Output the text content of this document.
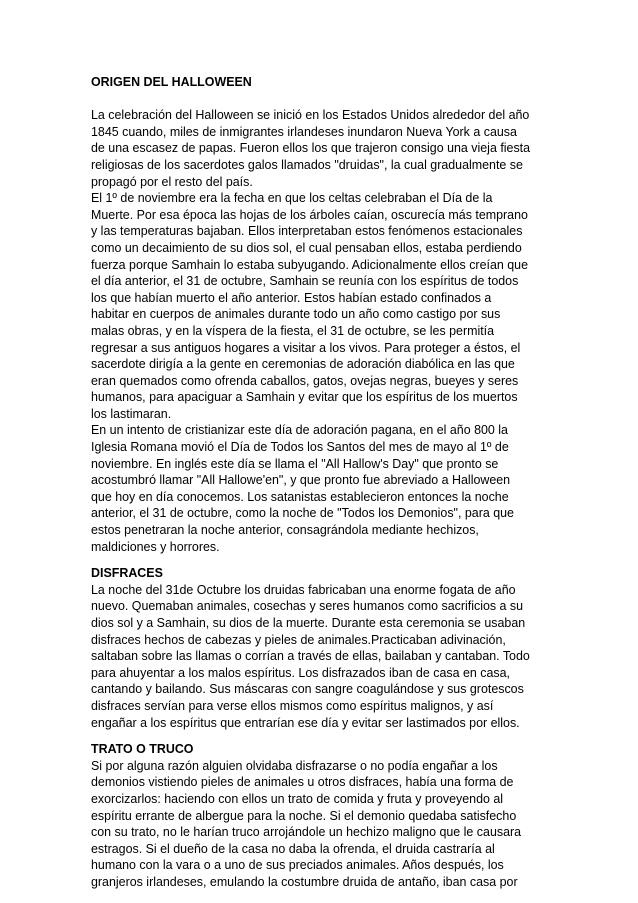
ORIGEN DEL HALLOWEEN

La celebración del Halloween se inició en los Estados Unidos alrededor del año
1845 cuando, miles de inmigrantes irlandeses inundaron Nueva York a causa
de una escasez de papas. Fueron ellos los que trajeron consigo una vieja fiesta
religiosas de los sacerdotes galos llamados "druidas", la cual gradualmente se
propagó por el resto del país.
El 1º de noviembre era la fecha en que los celtas celebraban el Día de la
Muerte. Por esa época las hojas de los árboles caían, oscurecía más temprano
y las temperaturas bajaban. Ellos interpretaban estos fenómenos estacionales
como un decaimiento de su dios sol, el cual pensaban ellos, estaba perdiendo
fuerza porque Samhain lo estaba subyugando. Adicionalmente ellos creían que
el día anterior, el 31 de octubre, Samhain se reunía con los espíritus de todos
los que habían muerto el año anterior. Estos habían estado confinados a
habitar en cuerpos de animales durante todo un año como castigo por sus
malas obras, y en la víspera de la fiesta, el 31 de octubre, se les permitía
regresar a sus antiguos hogares a visitar a los vivos. Para proteger a éstos, el
sacerdote dirigía a la gente en ceremonias de adoración diabólica en las que
eran quemados como ofrenda caballos, gatos, ovejas negras, bueyes y seres
humanos, para apaciguar a Samhain y evitar que los espíritus de los muertos
los lastimaran.
En un intento de cristianizar este día de adoración pagana, en el año 800 la
Iglesia Romana movió el Día de Todos los Santos del mes de mayo al 1º de
noviembre. En inglés este día se llama el "All Hallow's Day" que pronto se
acostumbró llamar "All Hallowe'en", y que pronto fue abreviado a Halloween
que hoy en día conocemos. Los satanistas establecieron entonces la noche
anterior, el 31 de octubre, como la noche de "Todos los Demonios", para que
estos penetraran la noche anterior, consagrándola mediante hechizos,
maldiciones y horrores.

DISFRACES

La noche del 31de Octubre los druidas fabricaban una enorme fogata de año
nuevo. Quemaban animales, cosechas y seres humanos como sacrificios a su
dios sol y a Samhain, su dios de la muerte. Durante esta ceremonia se usaban
disfraces hechos de cabezas y pieles de animales.Practicaban adivinación,
saltaban sobre las llamas o corrían a través de ellas, bailaban y cantaban. Todo
para ahuyentar a los malos espíritus. Los disfrazados iban de casa en casa,
cantando y bailando. Sus máscaras con sangre coagulándose y sus grotescos
disfraces servían para verse ellos mismos como espíritus malignos, y así
engañar a los espíritus que entrarían ese día y evitar ser lastimados por ellos.

TRATO O TRUCO

Si por alguna razón alguien olvidaba disfrazarse o no podía engañar a los
demonios vistiendo pieles de animales u otros disfraces, había una forma de
exorcizarlos: haciendo con ellos un trato de comida y fruta y proveyendo al
espíritu errante de albergue para la noche. Si el demonio quedaba satisfecho
con su trato, no le harían truco arrojándole un hechizo maligno que le causara
estragos. Si el dueño de la casa no daba la ofrenda, el druida castraría al
humano con la vara o a uno de sus preciados animales. Años después, los
granjeros irlandeses, emulando la costumbre druida de antaño, iban casa por
